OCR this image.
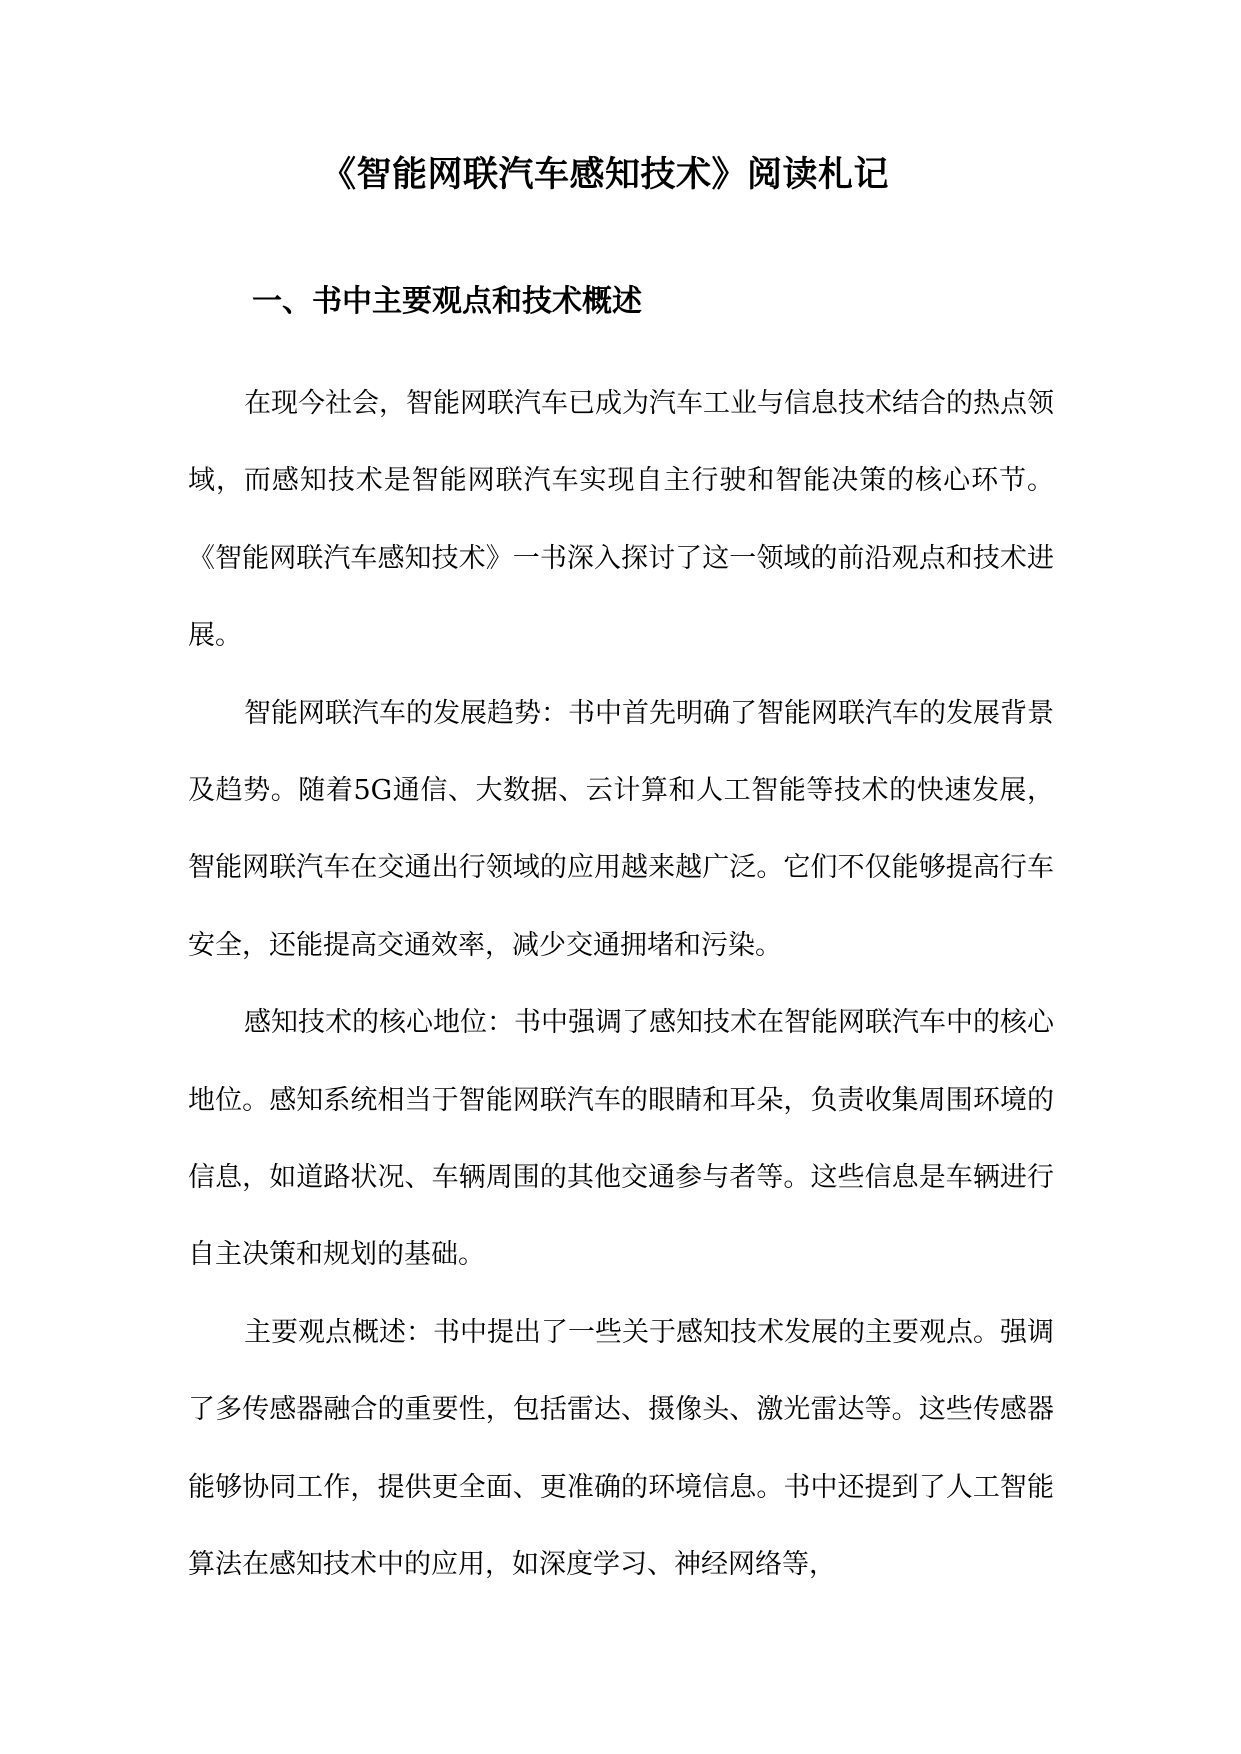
《智能网联汽车感知技术》阅读札记
一、书中主要观点和技术概述

在现今社会，智能网联汽车已成为汽车工业与信息技术结合的热点领域，而感知技术是智能网联汽车实现自主行驶和智能决策的核心环节。《智能网联汽车感知技术》一书深入探讨了这一领域的前沿观点和技术进展。

智能网联汽车的发展趋势：书中首先明确了智能网联汽车的发展背景及趋势。随着5G通信、大数据、云计算和人工智能等技术的快速发展，智能网联汽车在交通出行领域的应用越来越广泛。它们不仅能够提高行车安全，还能提高交通效率，减少交通拥堵和污染。

感知技术的核心地位：书中强调了感知技术在智能网联汽车中的核心地位。感知系统相当于智能网联汽车的眼睛和耳朵，负责收集周围环境的信息，如道路状况、车辆周围的其他交通参与者等。这些信息是车辆进行自主决策和规划的基础。

主要观点概述：书中提出了一些关于感知技术发展的主要观点。强调了多传感器融合的重要性，包括雷达、摄像头、激光雷达等。这些传感器能够协同工作，提供更全面、更准确的环境信息。书中还提到了人工智能算法在感知技术中的应用，如深度学习、神经网络等，
